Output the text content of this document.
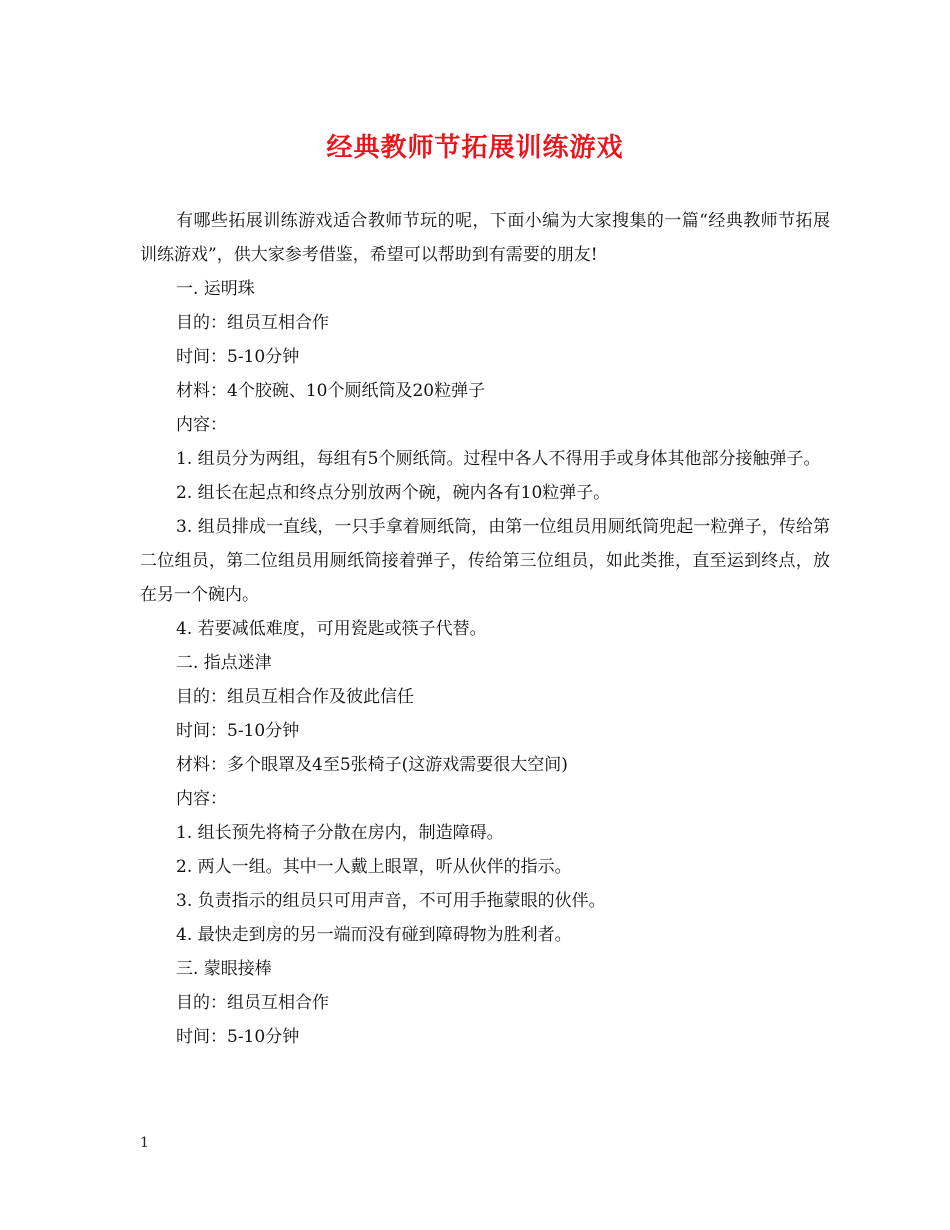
经典教师节拓展训练游戏

有哪些拓展训练游戏适合教师节玩的呢，下面小编为大家搜集的一篇“经典教师节拓展训练游戏”，供大家参考借鉴，希望可以帮助到有需要的朋友!

一. 运明珠

目的：组员互相合作

时间：5-10分钟

材料：4个胶碗、10个厕纸筒及20粒弹子

内容：

1. 组员分为两组，每组有5个厕纸筒。过程中各人不得用手或身体其他部分接触弹子。

2. 组长在起点和终点分别放两个碗，碗内各有10粒弹子。

3. 组员排成一直线，一只手拿着厕纸筒，由第一位组员用厕纸筒兜起一粒弹子，传给第二位组员，第二位组员用厕纸筒接着弹子，传给第三位组员，如此类推，直至运到终点，放在另一个碗内。

4. 若要减低难度，可用瓷匙或筷子代替。

二. 指点迷津

目的：组员互相合作及彼此信任

时间：5-10分钟

材料：多个眼罩及4至5张椅子(这游戏需要很大空间)

内容：

1. 组长预先将椅子分散在房内，制造障碍。

2. 两人一组。其中一人戴上眼罩，听从伙伴的指示。

3. 负责指示的组员只可用声音，不可用手拖蒙眼的伙伴。

4. 最快走到房的另一端而没有碰到障碍物为胜利者。

三. 蒙眼接棒

目的：组员互相合作

时间：5-10分钟

1
